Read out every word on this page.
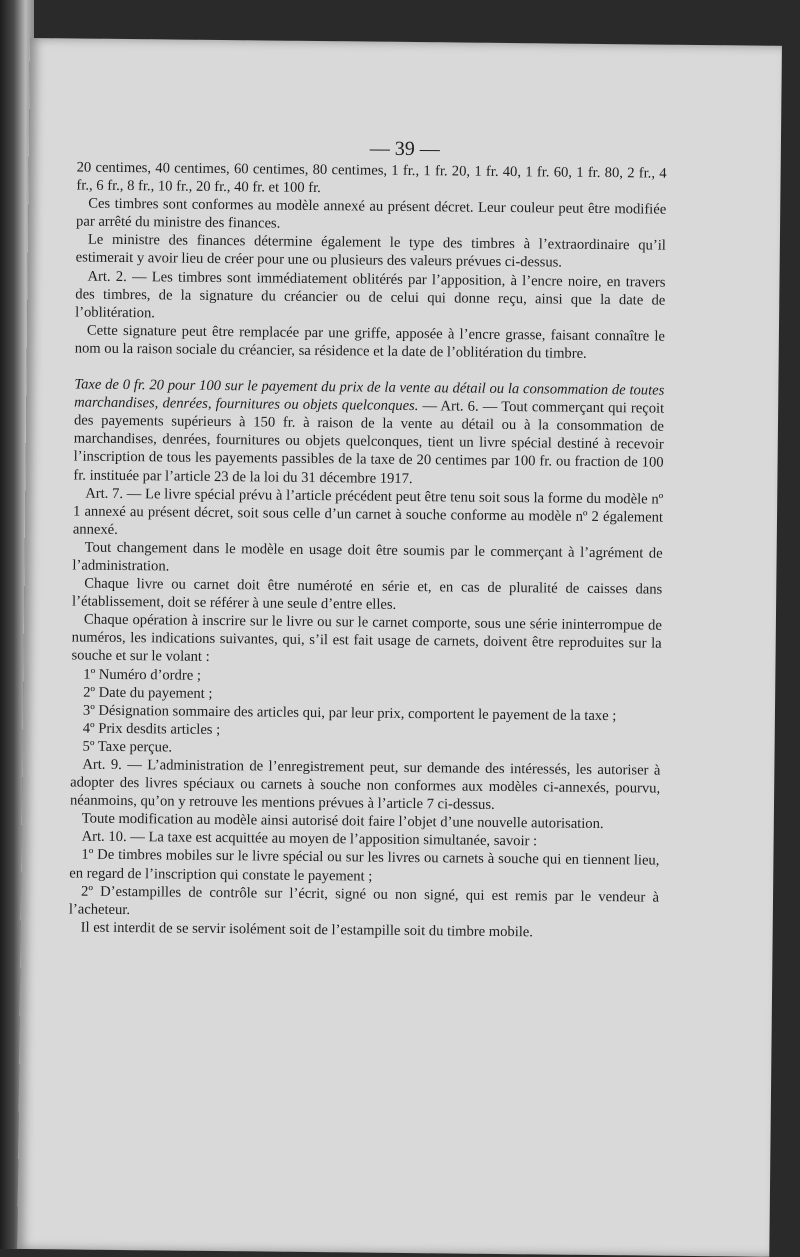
— 39 —

20 centimes, 40 centimes, 60 centimes, 80 centimes, 1 fr., 1 fr. 20, 1 fr. 40, 1 fr. 60, 1 fr. 80, 2 fr., 4 fr., 6 fr., 8 fr., 10 fr., 20 fr., 40 fr. et 100 fr.

Ces timbres sont conformes au modèle annexé au présent décret. Leur couleur peut être modifiée par arrêté du ministre des finances.

Le ministre des finances détermine également le type des timbres à l’extraordinaire qu’il estimerait y avoir lieu de créer pour une ou plusieurs des valeurs prévues ci-dessus.

Art. 2. — Les timbres sont immédiatement oblitérés par l’apposition, à l’encre noire, en travers des timbres, de la signature du créancier ou de celui qui donne reçu, ainsi que la date de l’oblitération.

Cette signature peut être remplacée par une griffe, apposée à l’encre grasse, faisant connaître le nom ou la raison sociale du créancier, sa résidence et la date de l’oblitération du timbre.

Taxe de 0 fr. 20 pour 100 sur le payement du prix de la vente au détail ou la consommation de toutes marchandises, denrées, fournitures ou objets quelconques. — Art. 6. — Tout commerçant qui reçoit des payements supérieurs à 150 fr. à raison de la vente au détail ou à la consommation de marchandises, denrées, fournitures ou objets quelconques, tient un livre spécial destiné à recevoir l’inscription de tous les payements passibles de la taxe de 20 centimes par 100 fr. ou fraction de 100 fr. instituée par l’article 23 de la loi du 31 décembre 1917.

Art. 7. — Le livre spécial prévu à l’article précédent peut être tenu soit sous la forme du modèle nº 1 annexé au présent décret, soit sous celle d’un carnet à souche conforme au modèle nº 2 également annexé.

Tout changement dans le modèle en usage doit être soumis par le commerçant à l’agrément de l’administration.

Chaque livre ou carnet doit être numéroté en série et, en cas de pluralité de caisses dans l’établissement, doit se référer à une seule d’entre elles.

Chaque opération à inscrire sur le livre ou sur le carnet comporte, sous une série ininterrompue de numéros, les indications suivantes, qui, s’il est fait usage de carnets, doivent être reproduites sur la souche et sur le volant :

1º Numéro d’ordre ;

2º Date du payement ;

3º Désignation sommaire des articles qui, par leur prix, comportent le payement de la taxe ;

4º Prix desdits articles ;

5º Taxe perçue.

Art. 9. — L’administration de l’enregistrement peut, sur demande des intéressés, les autoriser à adopter des livres spéciaux ou carnets à souche non conformes aux modèles ci-annexés, pourvu, néanmoins, qu’on y retrouve les mentions prévues à l’article 7 ci-dessus.

Toute modification au modèle ainsi autorisé doit faire l’objet d’une nouvelle autorisation.

Art. 10. — La taxe est acquittée au moyen de l’apposition simultanée, savoir :

1º De timbres mobiles sur le livre spécial ou sur les livres ou carnets à souche qui en tiennent lieu, en regard de l’inscription qui constate le payement ;

2º D’estampilles de contrôle sur l’écrit, signé ou non signé, qui est remis par le vendeur à l’acheteur.

Il est interdit de se servir isolément soit de l’estampille soit du timbre mobile.
